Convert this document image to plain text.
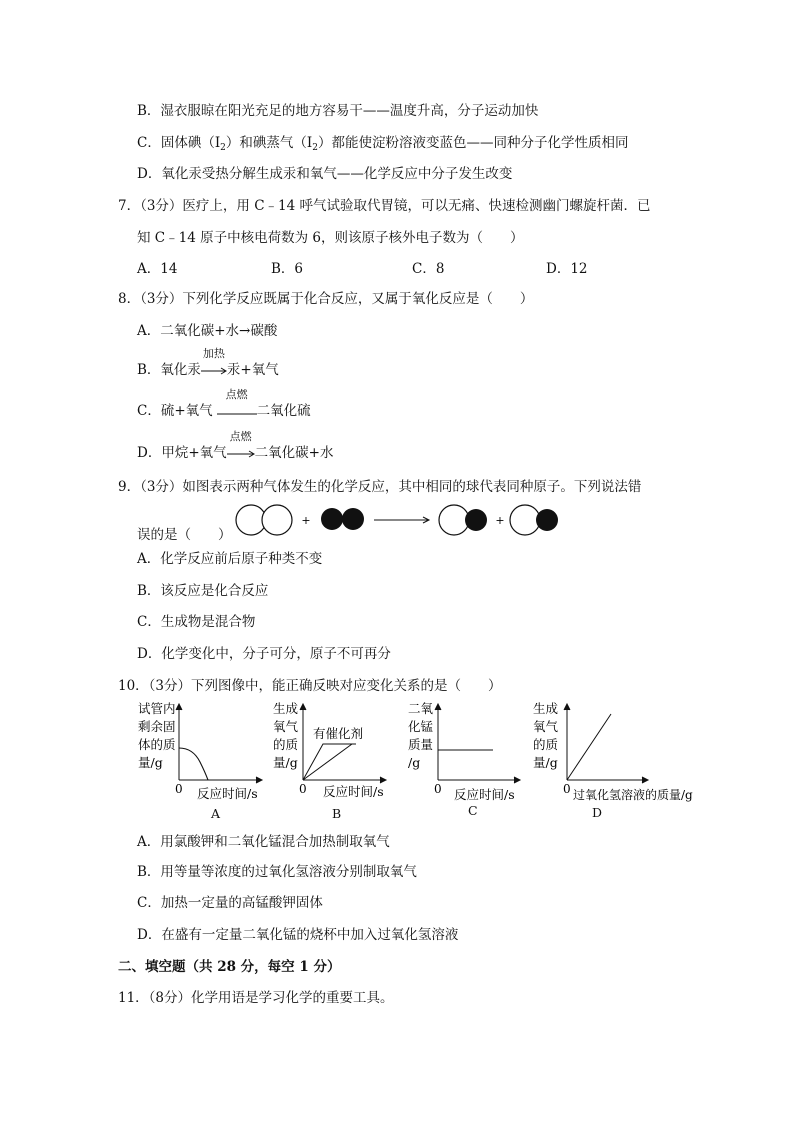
B．湿衣服晾在阳光充足的地方容易干——温度升高，分子运动加快
C．固体碘$(I_2)$和碘蒸气$(I_2)$都能使淀粉溶液变蓝色——同种分子化学性质相同
D．氧化汞受热分解生成汞和氧气——化学反应中分子发生改变
7．（3分）医疗上，用 C﹣14 呼气试验取代胃镜，可以无痛、快速检测幽门螺旋杆菌．已
知 C﹣14 原子中核电荷数为 6，则该原子核外电子数为（　　）
A．14	B．6	C．8	D．12
8．（3分）下列化学反应既属于化合反应，又属于氧化反应是（　　）
A．二氧化碳+水→碳酸
B．氧化汞
加热
汞+氧气
C．硫+氧气
点燃
二氧化硫
D．甲烷+氧气
点燃
二氧化碳+水
9．（3分）如图表示两种气体发生的化学反应，其中相同的球代表同种原子。下列说法错
误的是（　　）
+	+
A．化学反应前后原子种类不变
B．该反应是化合反应
C．生成物是混合物
D．化学变化中，分子可分，原子不可再分
10．（3分）下列图像中，能正确反映对应变化关系的是（　　）
试管内
剩余固
体的质
量/g
0 反应时间/s
A
生成
氧气
的质
量/g
有催化剂
0 反应时间/s
B
二氧
化锰
质量
/g
0 反应时间/s
C
生成
氧气
的质
量/g
0 过氧化氢溶液的质量/g
D
A．用氯酸钾和二氧化锰混合加热制取氧气
B．用等量等浓度的过氧化氢溶液分别制取氧气
C．加热一定量的高锰酸钾固体
D．在盛有一定量二氧化锰的烧杯中加入过氧化氢溶液
二、填空题（共 28 分，每空 1 分）
11．（8分）化学用语是学习化学的重要工具。
